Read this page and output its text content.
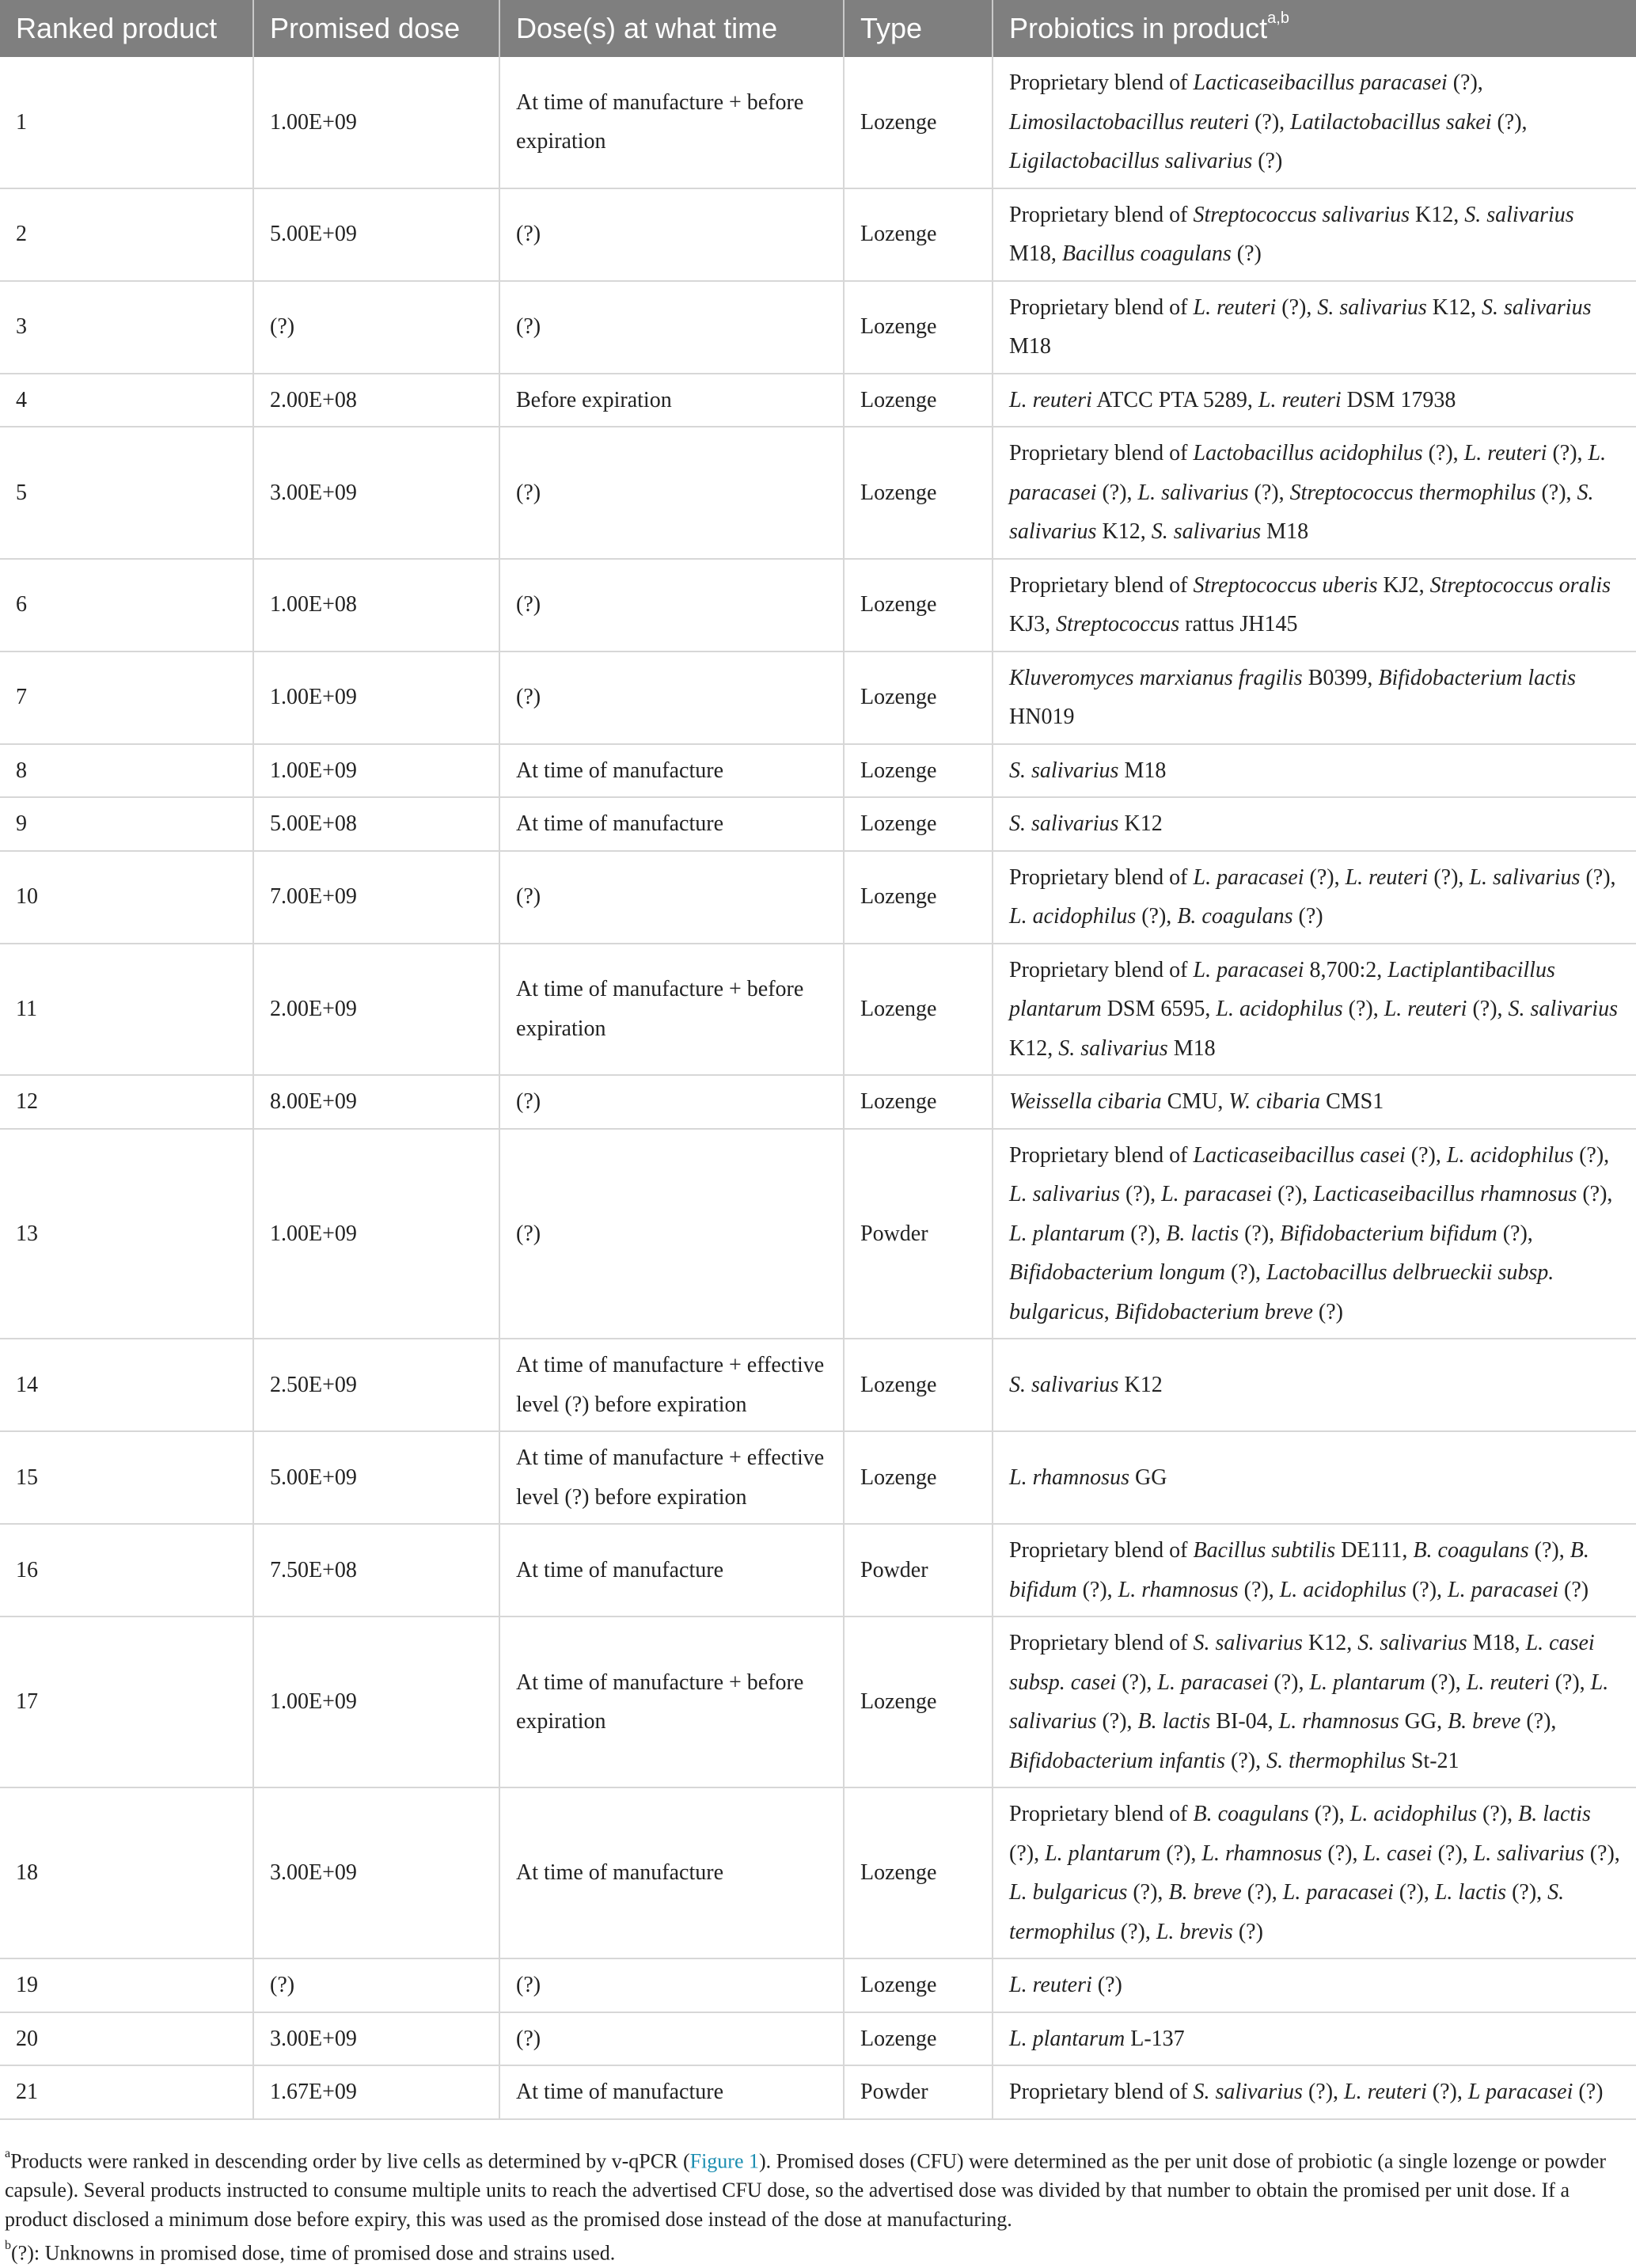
Ranked product	Promised dose	Dose(s) at what time	Type	Probiotics in product$^{a,b}$
1	1.00E+09	At time of manufacture + before expiration	Lozenge	Proprietary blend of Lacticaseibacillus paracasei (?), Limosilactobacillus reuteri (?), Latilactobacillus sakei (?), Ligilactobacillus salivarius (?)
2	5.00E+09	(?)	Lozenge	Proprietary blend of Streptococcus salivarius K12, S. salivarius M18, Bacillus coagulans (?)
3	(?)	(?)	Lozenge	Proprietary blend of L. reuteri (?), S. salivarius K12, S. salivarius M18
4	2.00E+08	Before expiration	Lozenge	L. reuteri ATCC PTA 5289, L. reuteri DSM 17938
5	3.00E+09	(?)	Lozenge	Proprietary blend of Lactobacillus acidophilus (?), L. reuteri (?), L. paracasei (?), L. salivarius (?), Streptococcus thermophilus (?), S. salivarius K12, S. salivarius M18
6	1.00E+08	(?)	Lozenge	Proprietary blend of Streptococcus uberis KJ2, Streptococcus oralis KJ3, Streptococcus rattus JH145
7	1.00E+09	(?)	Lozenge	Kluveromyces marxianus fragilis B0399, Bifidobacterium lactis HN019
8	1.00E+09	At time of manufacture	Lozenge	S. salivarius M18
9	5.00E+08	At time of manufacture	Lozenge	S. salivarius K12
10	7.00E+09	(?)	Lozenge	Proprietary blend of L. paracasei (?), L. reuteri (?), L. salivarius (?), L. acidophilus (?), B. coagulans (?)
11	2.00E+09	At time of manufacture + before expiration	Lozenge	Proprietary blend of L. paracasei 8,700:2, Lactiplantibacillus plantarum DSM 6595, L. acidophilus (?), L. reuteri (?), S. salivarius K12, S. salivarius M18
12	8.00E+09	(?)	Lozenge	Weissella cibaria CMU, W. cibaria CMS1
13	1.00E+09	(?)	Powder	Proprietary blend of Lacticaseibacillus casei (?), L. acidophilus (?), L. salivarius (?), L. paracasei (?), Lacticaseibacillus rhamnosus (?), L. plantarum (?), B. lactis (?), Bifidobacterium bifidum (?), Bifidobacterium longum (?), Lactobacillus delbrueckii subsp. bulgaricus, Bifidobacterium breve (?)
14	2.50E+09	At time of manufacture + effective level (?) before expiration	Lozenge	S. salivarius K12
15	5.00E+09	At time of manufacture + effective level (?) before expiration	Lozenge	L. rhamnosus GG
16	7.50E+08	At time of manufacture	Powder	Proprietary blend of Bacillus subtilis DE111, B. coagulans (?), B. bifidum (?), L. rhamnosus (?), L. acidophilus (?), L. paracasei (?)
17	1.00E+09	At time of manufacture + before expiration	Lozenge	Proprietary blend of S. salivarius K12, S. salivarius M18, L. casei subsp. casei (?), L. paracasei (?), L. plantarum (?), L. reuteri (?), L. salivarius (?), B. lactis BI-04, L. rhamnosus GG, B. breve (?), Bifidobacterium infantis (?), S. thermophilus St-21
18	3.00E+09	At time of manufacture	Lozenge	Proprietary blend of B. coagulans (?), L. acidophilus (?), B. lactis (?), L. plantarum (?), L. rhamnosus (?), L. casei (?), L. salivarius (?), L. bulgaricus (?), B. breve (?), L. paracasei (?), L. lactis (?), S. termophilus (?), L. brevis (?)
19	(?)	(?)	Lozenge	L. reuteri (?)
20	3.00E+09	(?)	Lozenge	L. plantarum L-137
21	1.67E+09	At time of manufacture	Powder	Proprietary blend of S. salivarius (?), L. reuteri (?), L paracasei (?)

$^a$Products were ranked in descending order by live cells as determined by v-qPCR (Figure 1). Promised doses (CFU) were determined as the per unit dose of probiotic (a single lozenge or powder capsule). Several products instructed to consume multiple units to reach the advertised CFU dose, so the advertised dose was divided by that number to obtain the promised per unit dose. If a product disclosed a minimum dose before expiry, this was used as the promised dose instead of the dose at manufacturing.

$^b$(?): Unknowns in promised dose, time of promised dose and strains used.
